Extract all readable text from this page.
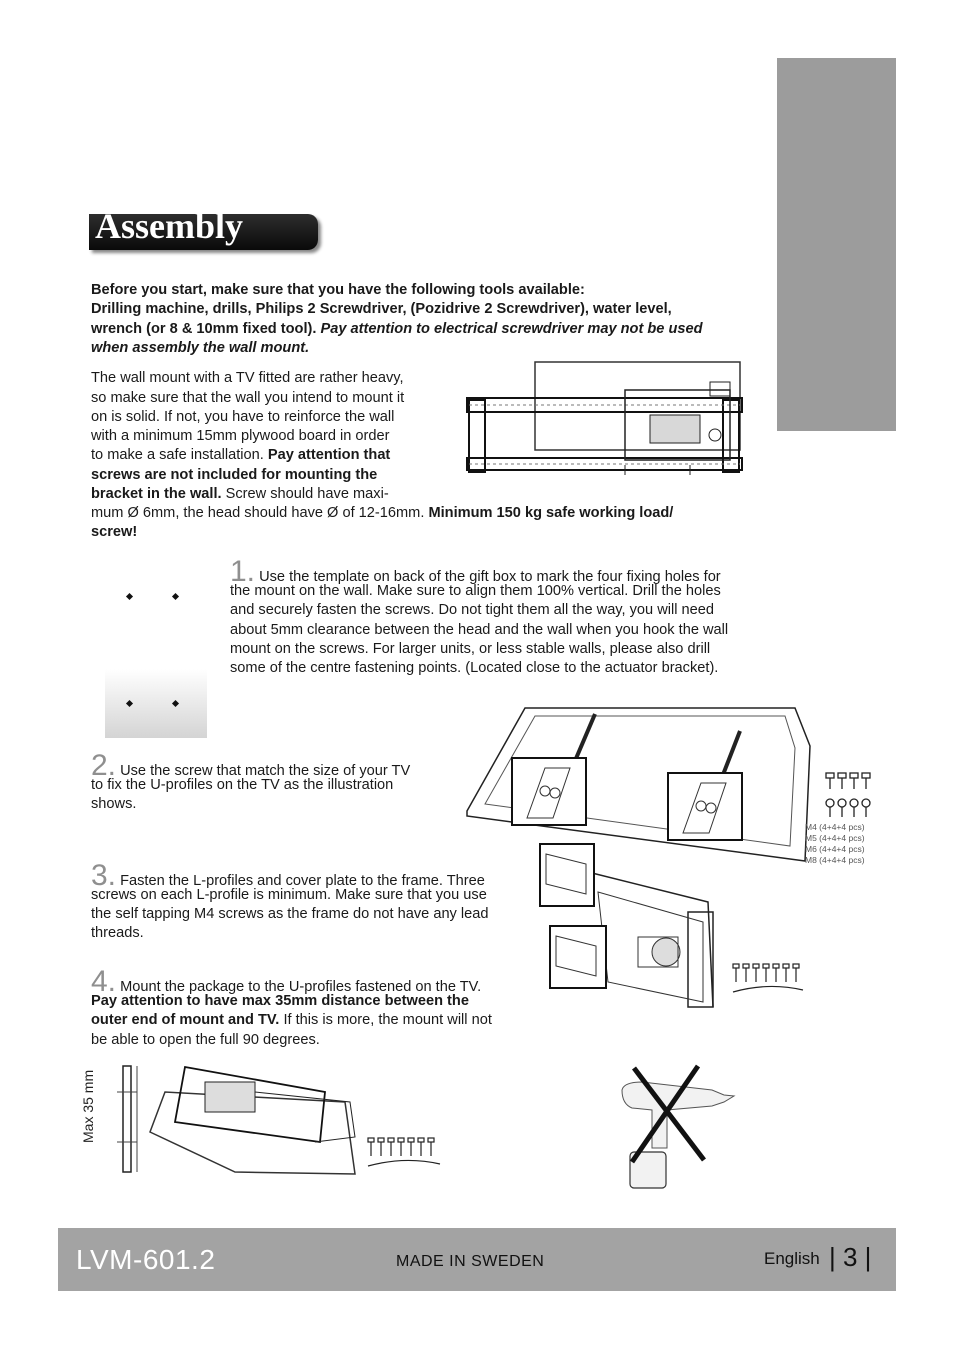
Assembly
Before you start, make sure that you have the following tools available:
Drilling machine, drills, Philips 2 Screwdriver, (Pozidrive 2 Screwdriver), water level,
wrench (or 8 & 10mm fixed tool). Pay attention to electrical screwdriver may not be used
when assembly the wall mount.
The wall mount with a TV fitted are rather heavy,
so make sure that the wall you intend to mount it
on is solid. If not, you have to reinforce the wall
with a minimum 15mm plywood board in order
to make a safe installation. Pay attention that
screws are not included for mounting the
bracket in the wall. Screw should have maxi-
mum Ø 6mm, the head should have Ø of 12-16mm. Minimum 150 kg safe working load/
screw!
1. Use the template on back of the gift box to mark the four fixing holes for
the mount on the wall. Make sure to align them 100% vertical. Drill the holes
and securely fasten the screws. Do not tight them all the way, you will need
about 5mm clearance between the head and the wall when you hook the wall
mount on the screws. For larger units, or less stable walls, please also drill
some of the centre fastening points. (Located close to the actuator bracket).
M4 (4+4+4 pcs)
M5 (4+4+4 pcs)
M6 (4+4+4 pcs)
M8 (4+4+4 pcs)
2. Use the screw that match the size of your TV
to fix the U-profiles on the TV as the illustration
shows.
3. Fasten the L-profiles and cover plate to the frame. Three
screws on each L-profile is minimum. Make sure that you use
the self tapping M4 screws as the frame do not have any lead
threads.
4. Mount the package to the U-profiles fastened on the TV.
Pay attention to have max 35mm distance between the
outer end of mount and TV. If this is more, the mount will not
be able to open the full 90 degrees.
Max 35 mm
LVM-601.2	MADE IN SWEDEN	English | 3 |
